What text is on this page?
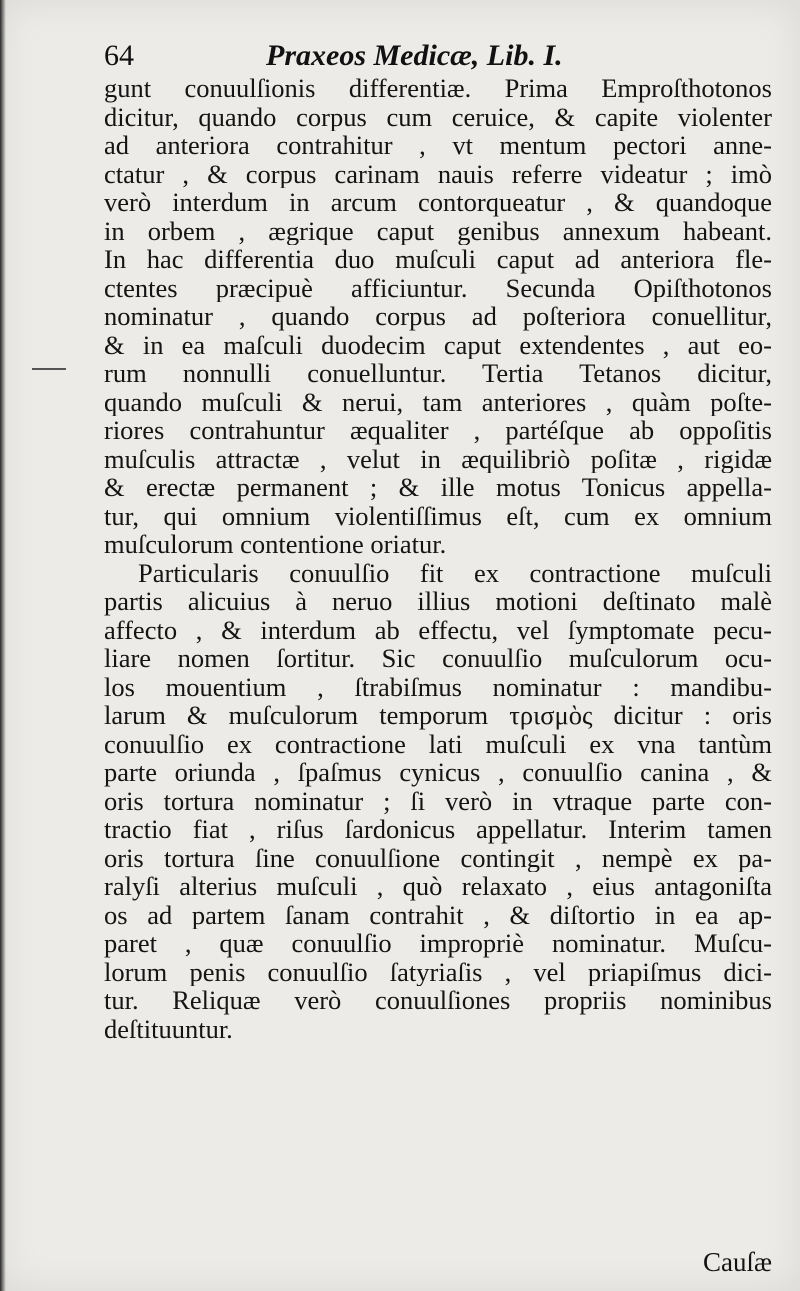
64	Praxeos Medicæ, Lib. I.
gunt conuulſionis differentiæ. Prima Emproſthotonos
dicitur, quando corpus cum ceruice, & capite violenter
ad anteriora contrahitur , vt mentum pectori anne-
ctatur , & corpus carinam nauis referre videatur ; imò
verò interdum in arcum contorqueatur , & quandoque
in orbem , ægrique caput genibus annexum habeant.
In hac differentia duo muſculi caput ad anteriora fle-
ctentes præcipuè afficiuntur. Secunda Opiſthotonos
nominatur , quando corpus ad poſteriora conuellitur,
& in ea maſculi duodecim caput extendentes , aut eo-
rum nonnulli conuelluntur. Tertia Tetanos dicitur,
quando muſculi & nerui, tam anteriores , quàm poſte-
riores contrahuntur æqualiter , partéſque ab oppoſitis
muſculis attractæ , velut in æquilibriò poſitæ , rigidæ
& erectæ permanent ; & ille motus Tonicus appella-
tur, qui omnium violentiſſimus eſt, cum ex omnium
muſculorum contentione oriatur.
Particularis conuulſio fit ex contractione muſculi
partis alicuius à neruo illius motioni deſtinato malè
affecto , & interdum ab effectu, vel ſymptomate pecu-
liare nomen ſortitur. Sic conuulſio muſculorum ocu-
los mouentium , ſtrabiſmus nominatur : mandibu-
larum & muſculorum temporum τρισμὸς dicitur : oris
conuulſio ex contractione lati muſculi ex vna tantùm
parte oriunda , ſpaſmus cynicus , conuulſio canina , &
oris tortura nominatur ; ſi verò in vtraque parte con-
tractio fiat , riſus ſardonicus appellatur. Interim tamen
oris tortura ſine conuulſione contingit , nempè ex pa-
ralyſi alterius muſculi , quò relaxato , eius antagoniſta
os ad partem ſanam contrahit , & diſtortio in ea ap-
paret , quæ conuulſio impropriè nominatur. Muſcu-
lorum penis conuulſio ſatyriaſis , vel priapiſmus dici-
tur. Reliquæ verò conuulſiones propriis nominibus
deſtituuntur.
Cauſæ
